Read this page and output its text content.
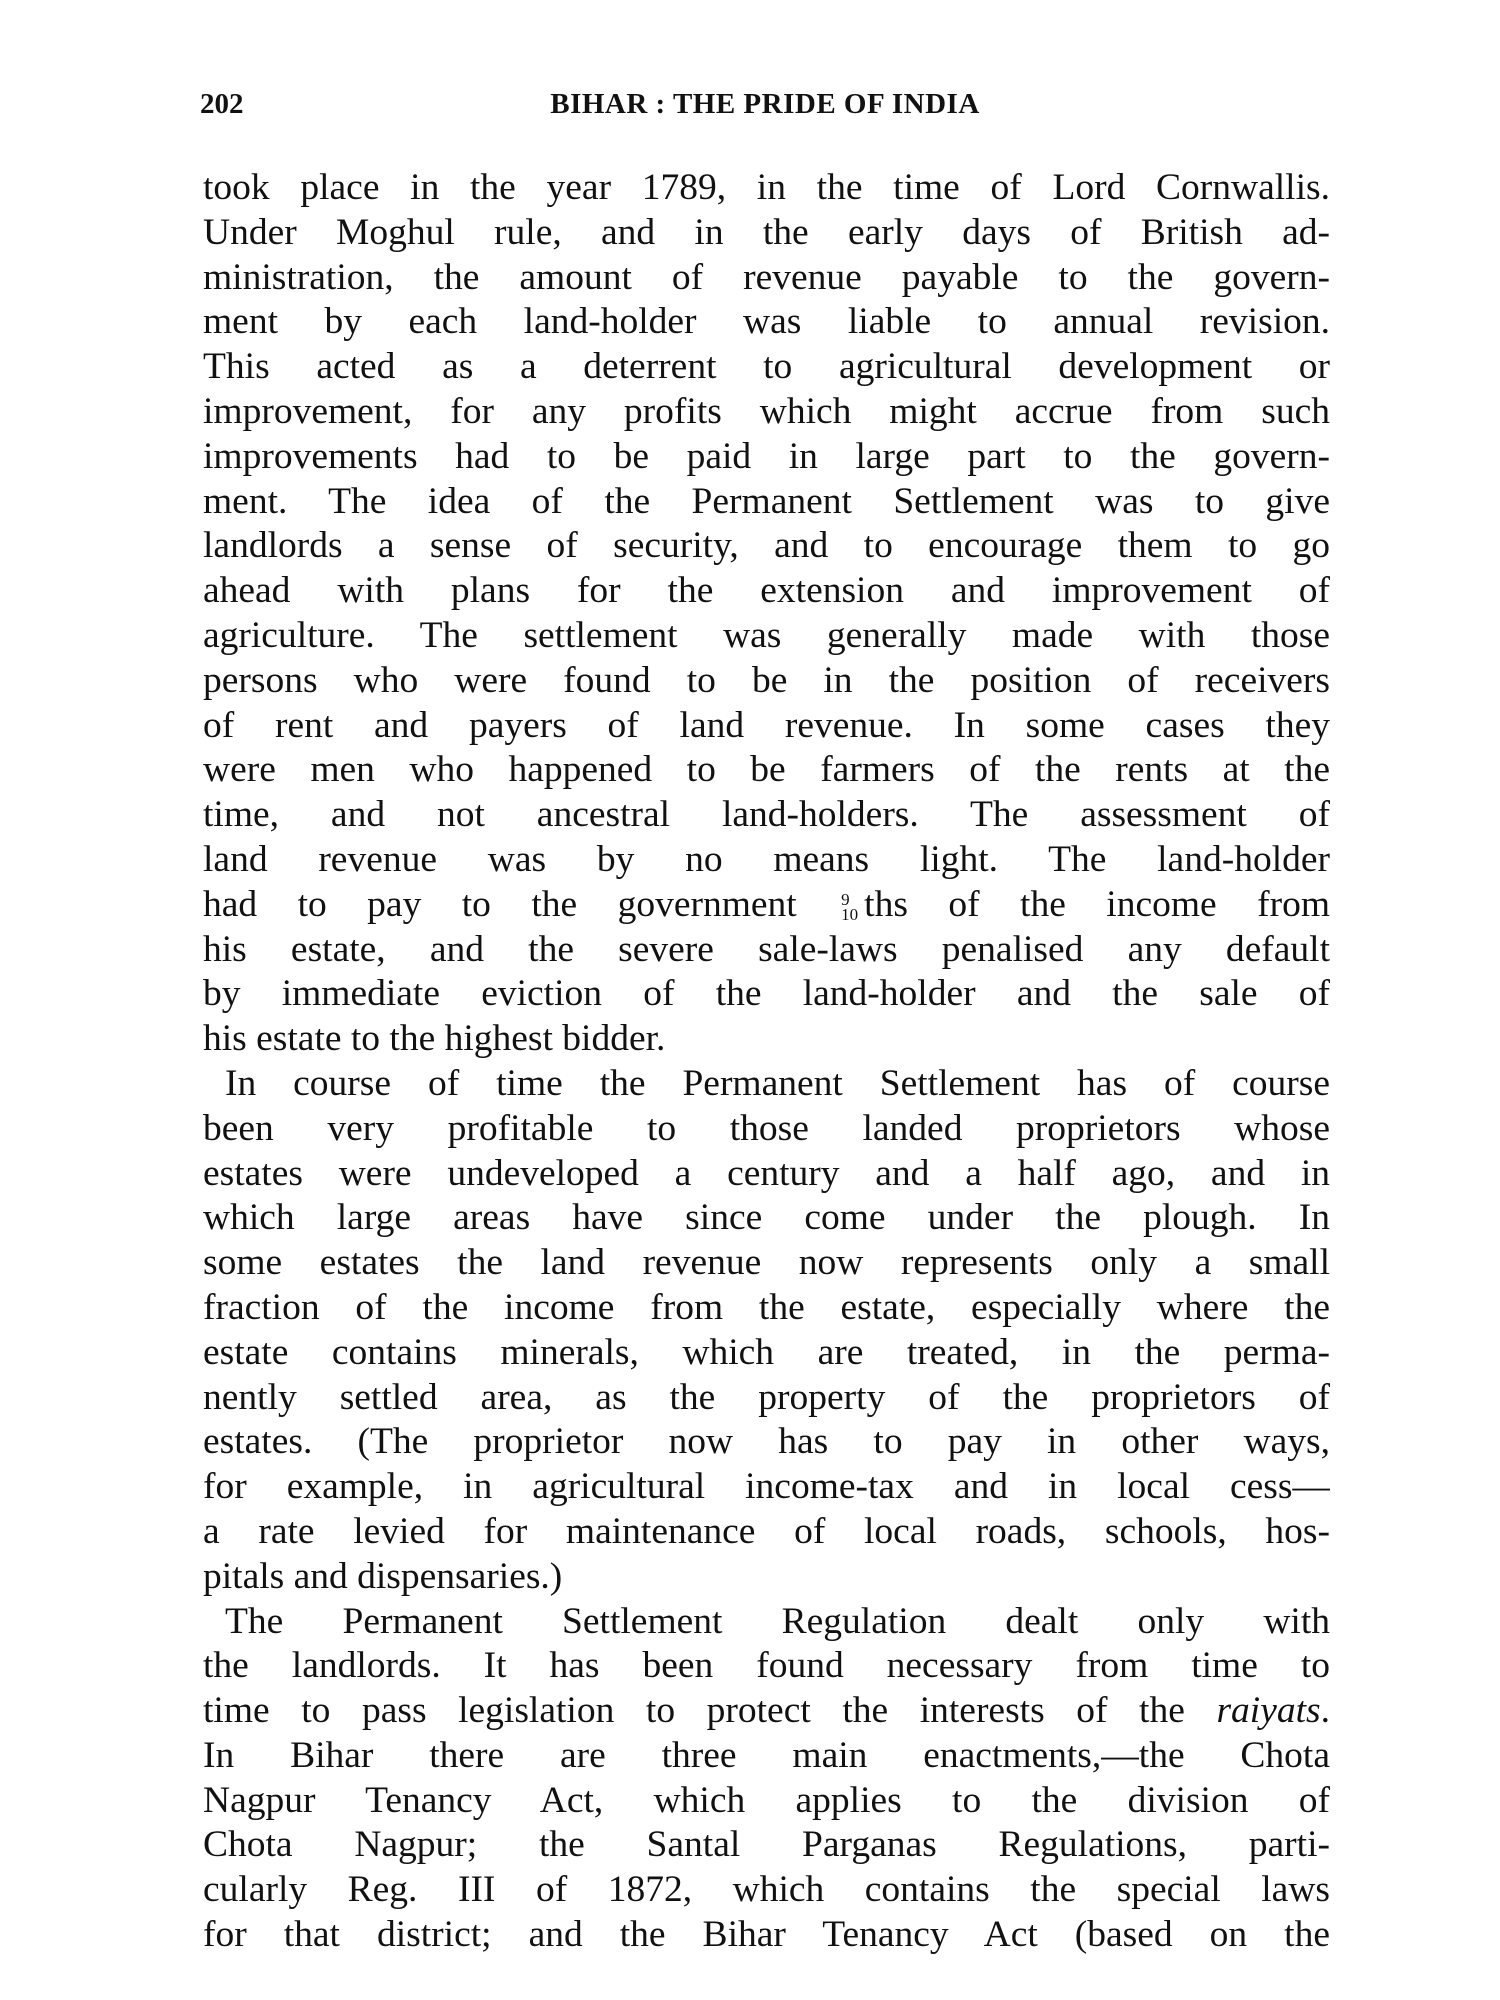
202	BIHAR : THE PRIDE OF INDIA
took place in the year 1789, in the time of Lord Cornwallis.
Under Moghul rule, and in the early days of British ad-
ministration, the amount of revenue payable to the govern-
ment by each land-holder was liable to annual revision.
This acted as a deterrent to agricultural development or
improvement, for any profits which might accrue from such
improvements had to be paid in large part to the govern-
ment. The idea of the Permanent Settlement was to give
landlords a sense of security, and to encourage them to go
ahead with plans for the extension and improvement of
agriculture. The settlement was generally made with those
persons who were found to be in the position of receivers
of rent and payers of land revenue. In some cases they
were men who happened to be farmers of the rents at the
time, and not ancestral land-holders. The assessment of
land revenue was by no means light. The land-holder
had to pay to the government	9
10 ths of the income from
his estate, and the severe sale-laws penalised any default
by immediate eviction of the land-holder and the sale of
his estate to the highest bidder.
In course of time the Permanent Settlement has of course
been very profitable to those landed proprietors whose
estates were undeveloped a century and a half ago, and in
which large areas have since come under the plough. In
some estates the land revenue now represents only a small
fraction of the income from the estate, especially where the
estate contains minerals, which are treated, in the perma-
nently settled area, as the property of the proprietors of
estates. (The proprietor now has to pay in other ways,
for example, in agricultural income-tax and in local cess—
a rate levied for maintenance of local roads, schools, hos-
pitals and dispensaries.)
The Permanent Settlement Regulation dealt only with
the landlords. It has been found necessary from time to
time to pass legislation to protect the interests of the raiyats.
In Bihar there are three main enactments,—the Chota
Nagpur Tenancy Act, which applies to the division of
Chota Nagpur; the Santal Parganas Regulations, parti-
cularly Reg. III of 1872, which contains the special laws
for that district; and the Bihar Tenancy Act (based on the
